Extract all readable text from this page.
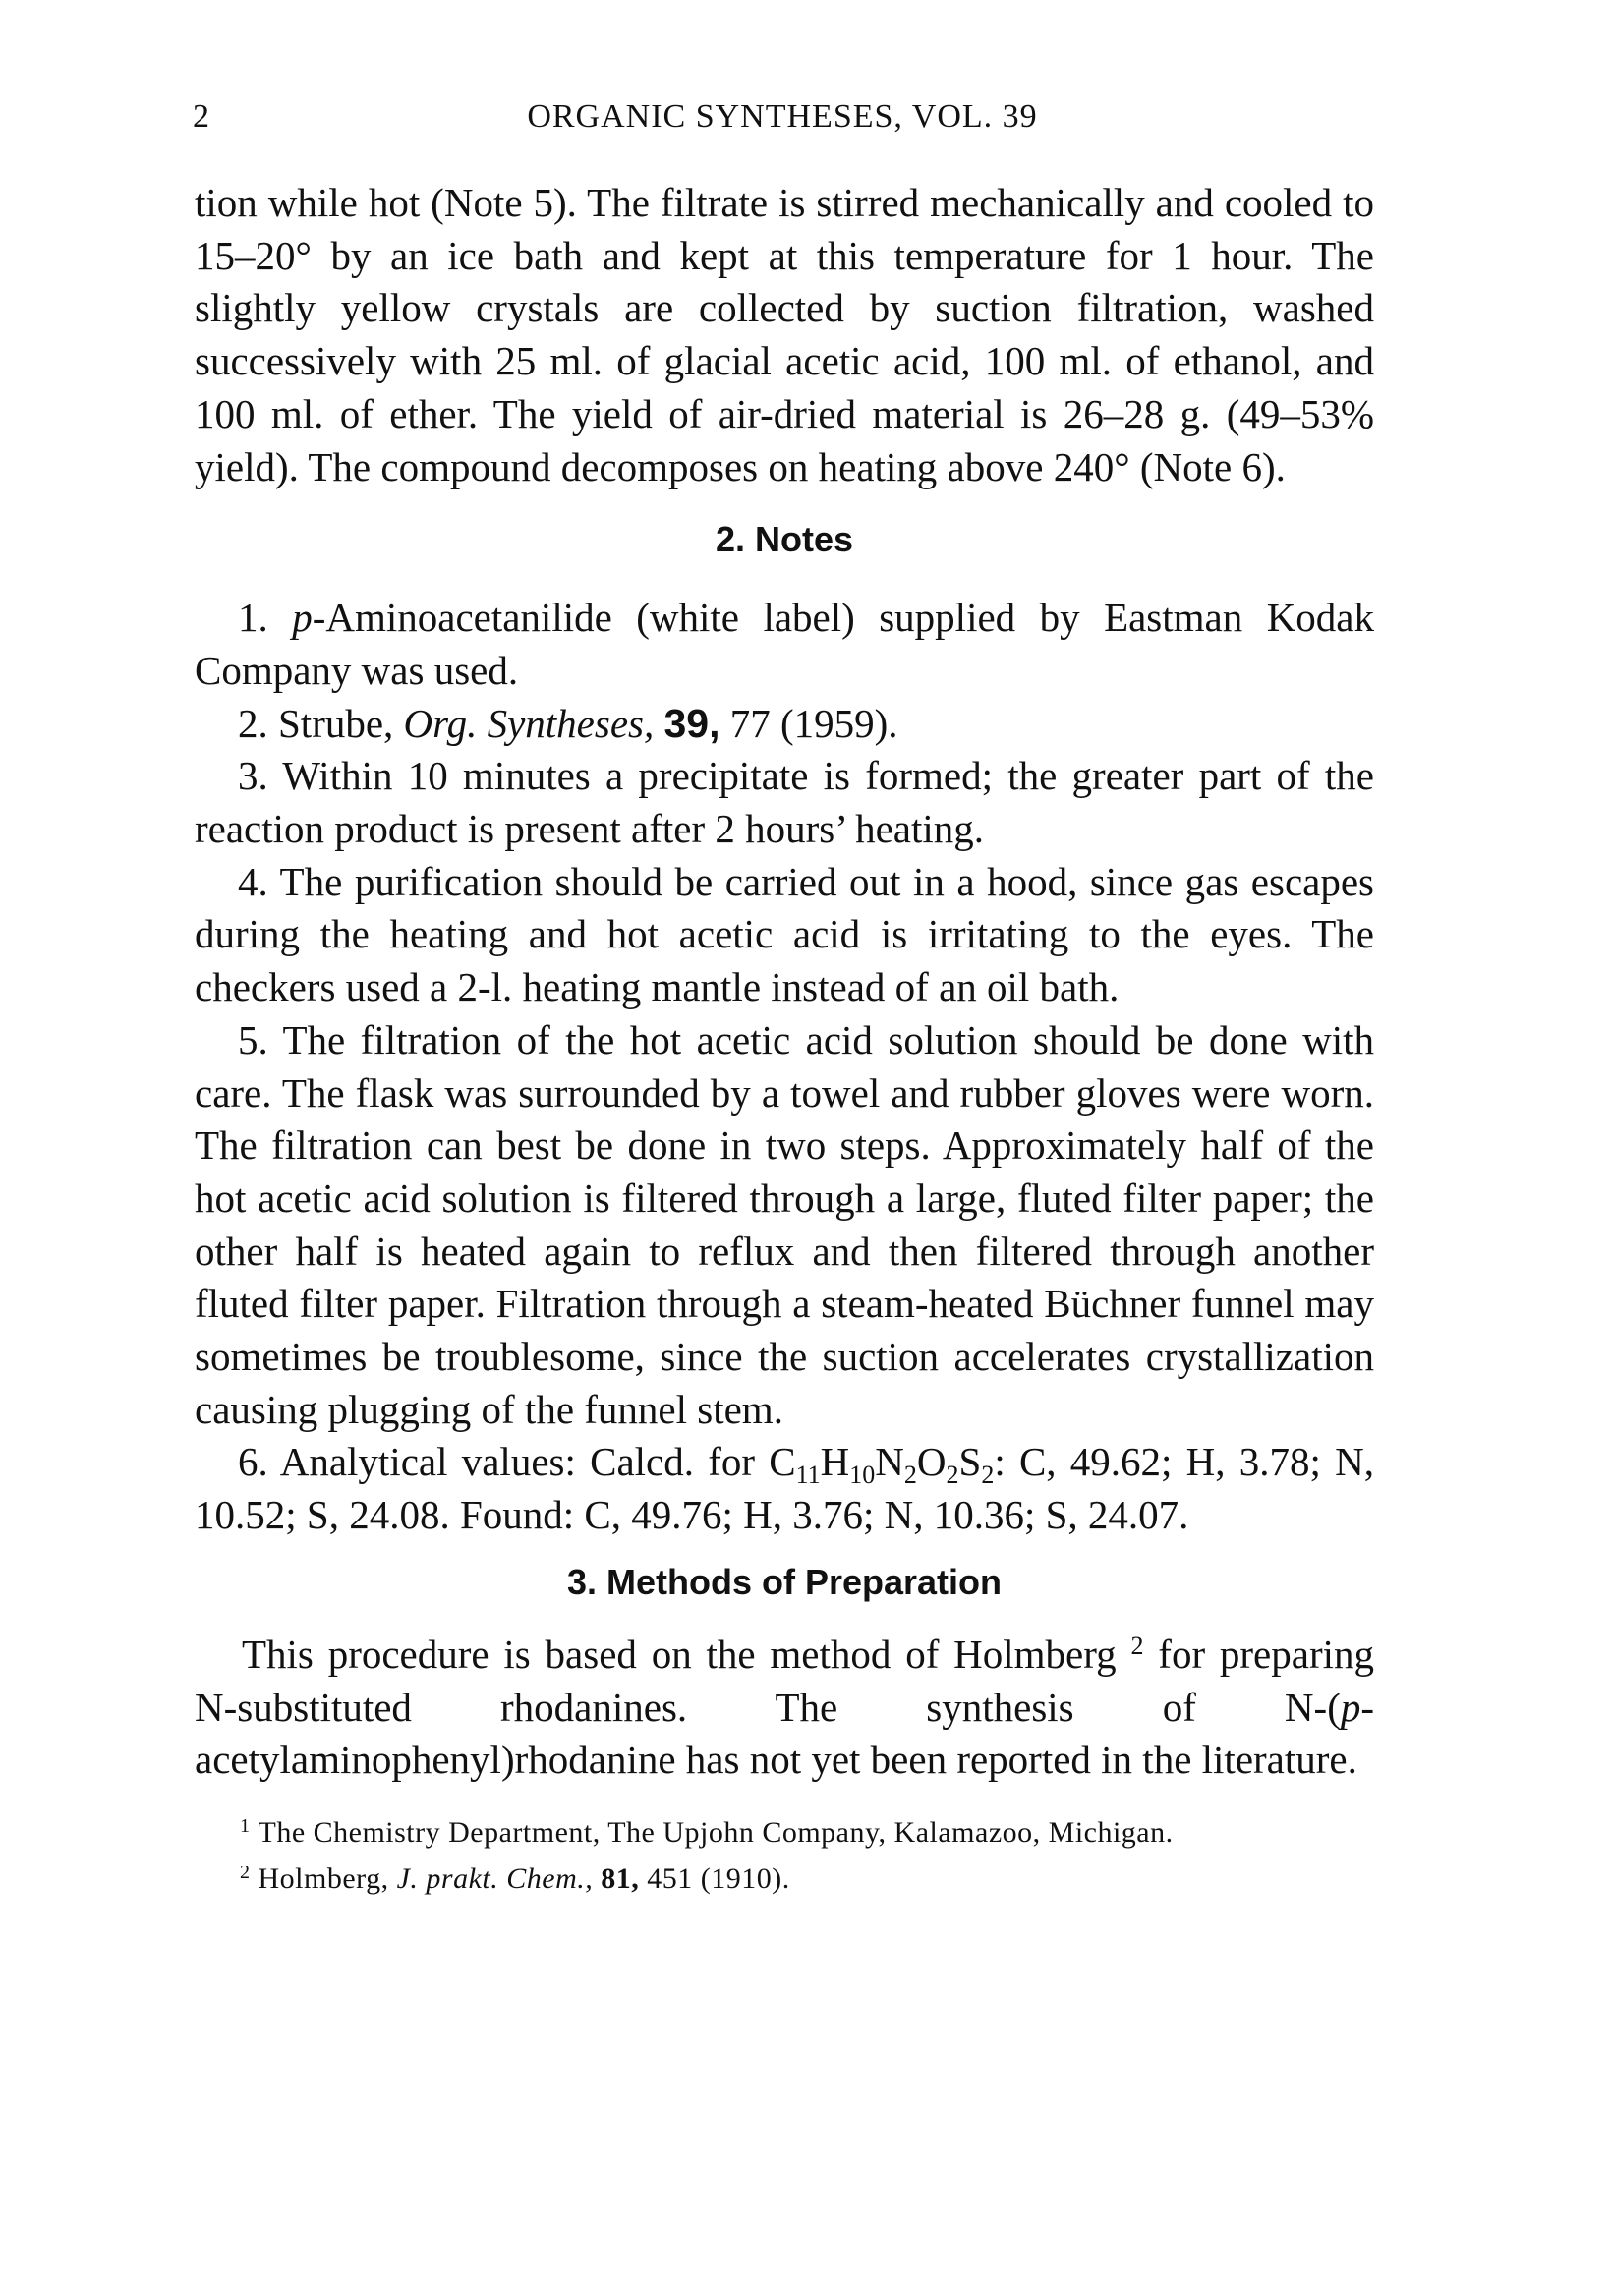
2	ORGANIC SYNTHESES, VOL. 39

tion while hot (Note 5). The filtrate is stirred mechanically and cooled to 15–20° by an ice bath and kept at this temperature for 1 hour. The slightly yellow crystals are collected by suction filtration, washed successively with 25 ml. of glacial acetic acid, 100 ml. of ethanol, and 100 ml. of ether. The yield of air-dried material is 26–28 g. (49–53% yield). The compound decomposes on heating above 240° (Note 6).

2. Notes

1. p-Aminoacetanilide (white label) supplied by Eastman Kodak Company was used.

2. Strube, Org. Syntheses, 39, 77 (1959).

3. Within 10 minutes a precipitate is formed; the greater part of the reaction product is present after 2 hours’ heating.

4. The purification should be carried out in a hood, since gas escapes during the heating and hot acetic acid is irritating to the eyes. The checkers used a 2-l. heating mantle instead of an oil bath.

5. The filtration of the hot acetic acid solution should be done with care. The flask was surrounded by a towel and rubber gloves were worn. The filtration can best be done in two steps. Approximately half of the hot acetic acid solution is filtered through a large, fluted filter paper; the other half is heated again to reflux and then filtered through another fluted filter paper. Filtration through a steam-heated Büchner funnel may sometimes be troublesome, since the suction accelerates crystallization causing plugging of the funnel stem.

6. Analytical values: Calcd. for $C_{11}H_{10}N_2O_2S_2$: C, 49.62; H, 3.78; N, 10.52; S, 24.08. Found: C, 49.76; H, 3.76; N, 10.36; S, 24.07.

3. Methods of Preparation

This procedure is based on the method of Holmberg $^2$ for preparing N-substituted rhodanines. The synthesis of N-(p-acetylaminophenyl)rhodanine has not yet been reported in the literature.

$^1$ The Chemistry Department, The Upjohn Company, Kalamazoo, Michigan.

$^2$ Holmberg, J. prakt. Chem., 81, 451 (1910).
